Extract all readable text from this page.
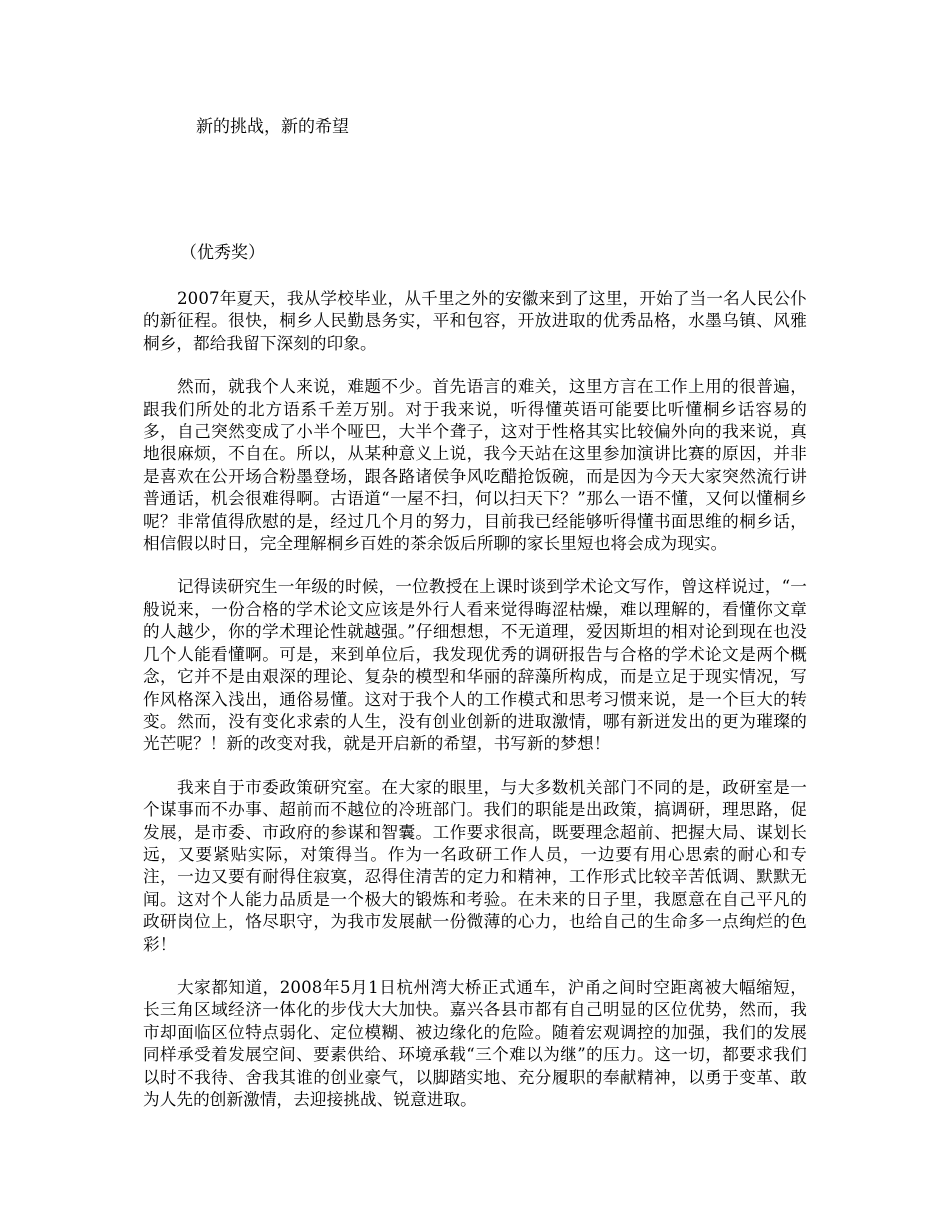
新的挑战，新的希望
（优秀奖）

2007年夏天，我从学校毕业，从千里之外的安徽来到了这里，开始了当一名人民公仆的新征程。很快，桐乡人民勤恳务实，平和包容，开放进取的优秀品格，水墨乌镇、风雅桐乡，都给我留下深刻的印象。

然而，就我个人来说，难题不少。首先语言的难关，这里方言在工作上用的很普遍，跟我们所处的北方语系千差万别。对于我来说，听得懂英语可能要比听懂桐乡话容易的多，自己突然变成了小半个哑巴，大半个聋子，这对于性格其实比较偏外向的我来说，真地很麻烦，不自在。所以，从某种意义上说，我今天站在这里参加演讲比赛的原因，并非是喜欢在公开场合粉墨登场，跟各路诸侯争风吃醋抢饭碗，而是因为今天大家突然流行讲普通话，机会很难得啊。古语道“一屋不扫，何以扫天下？”那么一语不懂，又何以懂桐乡呢？非常值得欣慰的是，经过几个月的努力，目前我已经能够听得懂书面思维的桐乡话，相信假以时日，完全理解桐乡百姓的茶余饭后所聊的家长里短也将会成为现实。

记得读研究生一年级的时候，一位教授在上课时谈到学术论文写作，曾这样说过，“一般说来，一份合格的学术论文应该是外行人看来觉得晦涩枯燥，难以理解的，看懂你文章的人越少，你的学术理论性就越强。”仔细想想，不无道理，爱因斯坦的相对论到现在也没几个人能看懂啊。可是，来到单位后，我发现优秀的调研报告与合格的学术论文是两个概念，它并不是由艰深的理论、复杂的模型和华丽的辞藻所构成，而是立足于现实情况，写作风格深入浅出，通俗易懂。这对于我个人的工作模式和思考习惯来说，是一个巨大的转变。然而，没有变化求索的人生，没有创业创新的进取激情，哪有新迸发出的更为璀璨的光芒呢？！新的改变对我，就是开启新的希望，书写新的梦想！

我来自于市委政策研究室。在大家的眼里，与大多数机关部门不同的是，政研室是一个谋事而不办事、超前而不越位的冷班部门。我们的职能是出政策，搞调研，理思路，促发展，是市委、市政府的参谋和智囊。工作要求很高，既要理念超前、把握大局、谋划长远，又要紧贴实际，对策得当。作为一名政研工作人员，一边要有用心思索的耐心和专注，一边又要有耐得住寂寞，忍得住清苦的定力和精神，工作形式比较辛苦低调、默默无闻。这对个人能力品质是一个极大的锻炼和考验。在未来的日子里，我愿意在自己平凡的政研岗位上，恪尽职守，为我市发展献一份微薄的心力，也给自己的生命多一点绚烂的色彩！

大家都知道，2008年5月1日杭州湾大桥正式通车，沪甬之间时空距离被大幅缩短，长三角区域经济一体化的步伐大大加快。嘉兴各县市都有自己明显的区位优势，然而，我市却面临区位特点弱化、定位模糊、被边缘化的危险。随着宏观调控的加强，我们的发展同样承受着发展空间、要素供给、环境承载“三个难以为继”的压力。这一切，都要求我们以时不我待、舍我其谁的创业豪气，以脚踏实地、充分履职的奉献精神，以勇于变革、敢为人先的创新激情，去迎接挑战、锐意进取。
